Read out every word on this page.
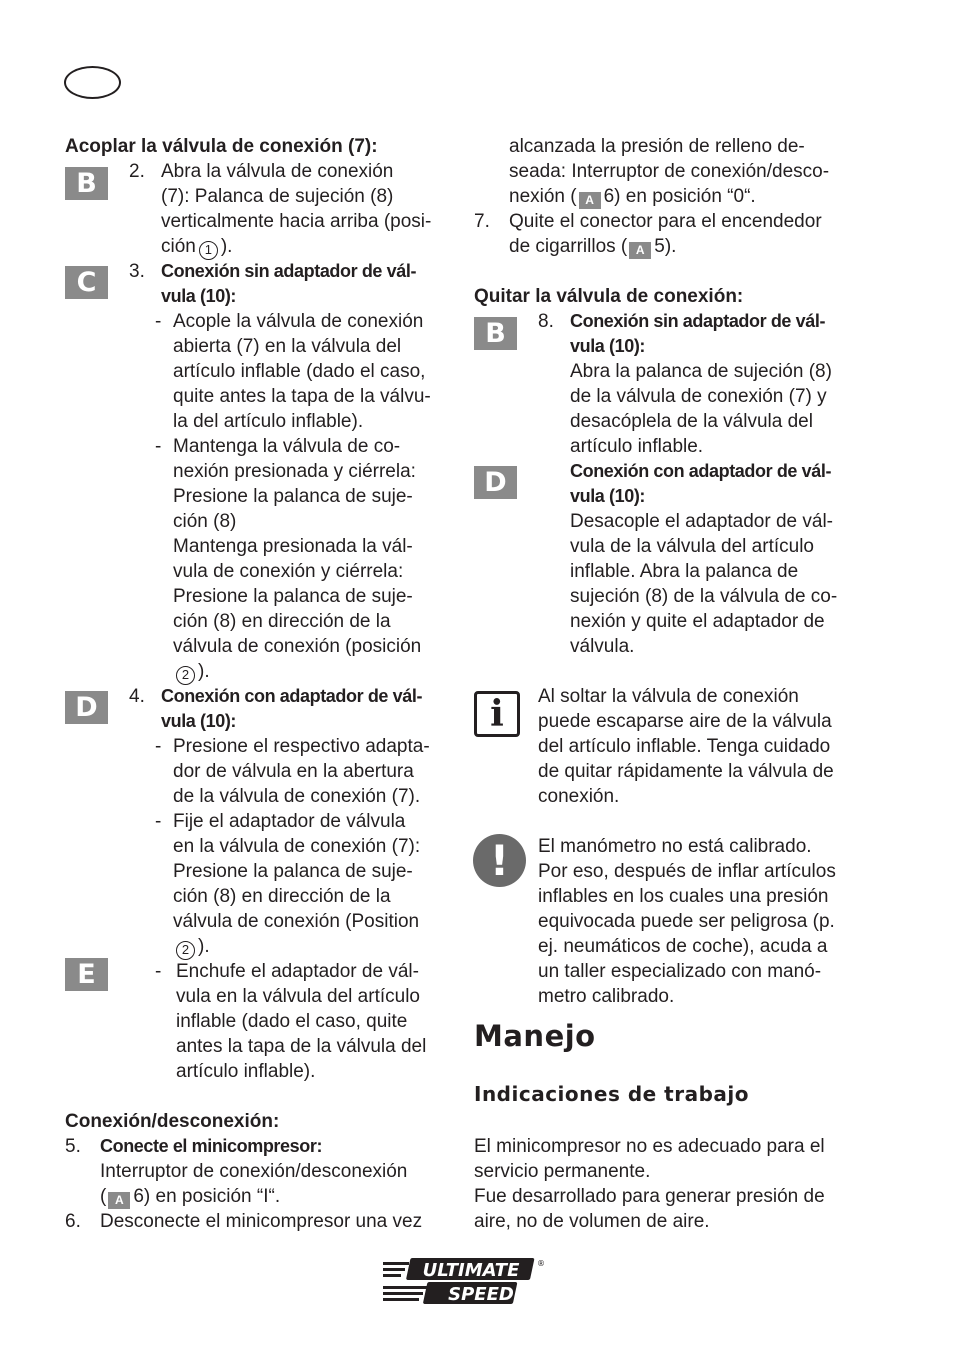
Acoplar la válvula de conexión (7):
B
C
D
E
2. Abra la válvula de conexión
(7): Palanca de sujeción (8)
verticalmente hacia arriba (posi-
3. Conexión sin adaptador de vál-
vula (10):
- Acople la válvula de conexión
abierta (7) en la válvula del
artículo inflable (dado el caso,
quite antes la tapa de la válvu-
la del artículo inflable).
- Mantenga la válvula de co-
nexión presionada y ciérrela:
Presione la palanca de suje-
ción (8)
Mantenga presionada la vál-
vula de conexión y ciérrela:
Presione la palanca de suje-
ción (8) en dirección de la
válvula de conexión (posición
4. Conexión con adaptador de vál-
vula (10):
- Presione el respectivo adapta-
dor de válvula en la abertura
de la válvula de conexión (7).
- Fije el adaptador de válvula
en la válvula de conexión (7):
Presione la palanca de suje-
ción (8) en dirección de la
válvula de conexión (Position
- Enchufe el adaptador de vál-
vula en la válvula del artículo
inflable (dado el caso, quite
antes la tapa de la válvula del
artículo inflable).
5. Conecte el minicompresor:
Interruptor de conexión/desconexión
6. Desconecte el minicompresor una vez
ción 1 ).
2 ).
2 ).
Conexión/desconexión:
( A 6) en posición “I“.
alcanzada la presión de relleno de-
seada: Interruptor de conexión/desco-
7. Quite el conector para el encendedor
8. Conexión sin adaptador de vál-
vula (10):
Abra la palanca de sujeción (8)
de la válvula de conexión (7) y
desacóplela de la válvula del
artículo inflable.
Conexión con adaptador de vál-
vula (10):
Desacople el adaptador de vál-
vula de la válvula del artículo
inflable. Abra la palanca de
sujeción (8) de la válvula de co-
nexión y quite el adaptador de
válvula.
Al soltar la válvula de conexión
puede escaparse aire de la válvula
del artículo inflable. Tenga cuidado
de quitar rápidamente la válvula de
conexión.
El manómetro no está calibrado.
Por eso, después de inflar artículos
inflables en los cuales una presión
equivocada puede ser peligrosa (p.
ej. neumáticos de coche), acuda a
un taller especializado con manó-
metro calibrado.
El minicompresor no es adecuado para el
servicio permanente.
Fue desarrollado para generar presión de
aire, no de volumen de aire.
nexión ( A 6) en posición “0“.
de cigarrillos ( A 5).
Quitar la válvula de conexión:
B
D
i
!
Manejo
Indicaciones de trabajo
ULTIMATE
SPEED
®
